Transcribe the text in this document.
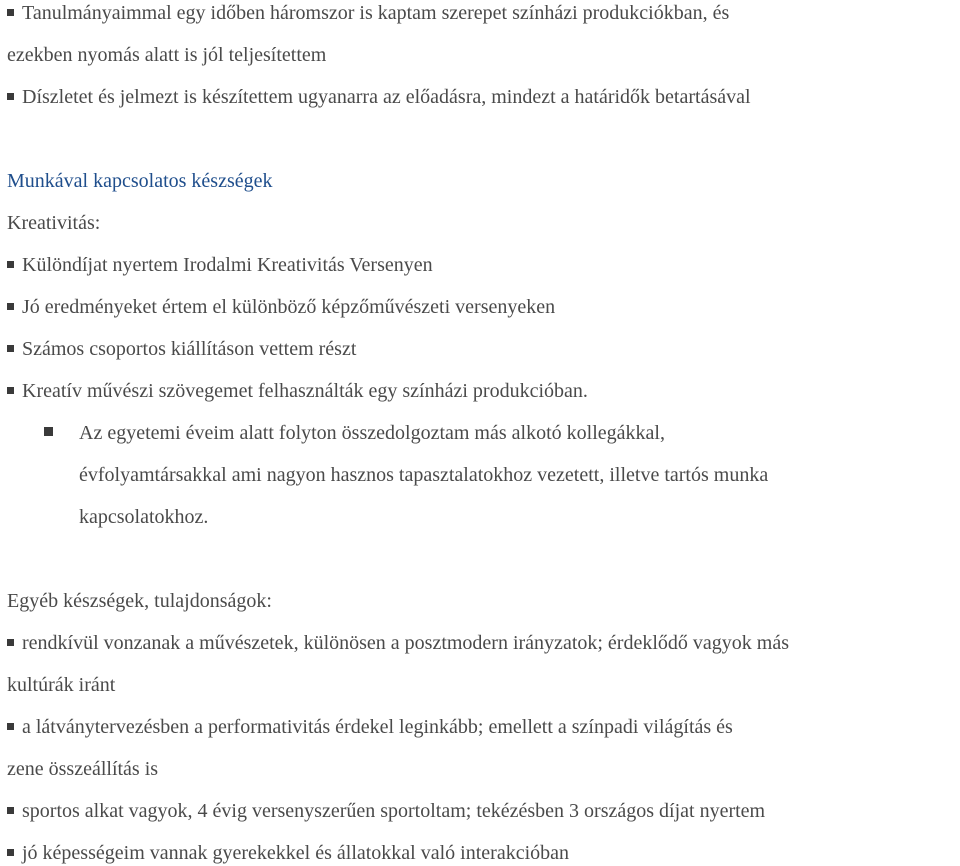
Tanulmányaimmal egy időben háromszor is kaptam szerepet színházi produkciókban, és
ezekben nyomás alatt is jól teljesítettem
Díszletet és jelmezt is készítettem ugyanarra az előadásra, mindezt a határidők betartásával
Munkával kapcsolatos készségek
Kreativitás:
Különdíjat nyertem Irodalmi Kreativitás Versenyen
Jó eredményeket értem el különböző képzőművészeti versenyeken
Számos csoportos kiállításon vettem részt
Kreatív művészi szövegemet felhasználták egy színházi produkcióban.
Az egyetemi éveim alatt folyton összedolgoztam más alkotó kollegákkal,
évfolyamtársakkal ami nagyon hasznos tapasztalatokhoz vezetett, illetve tartós munka
kapcsolatokhoz.
Egyéb készségek, tulajdonságok:
rendkívül vonzanak a művészetek, különösen a posztmodern irányzatok; érdeklődő vagyok más
kultúrák iránt
a látványtervezésben a performativitás érdekel leginkább; emellett a színpadi világítás és
zene összeállítás is
sportos alkat vagyok, 4 évig versenyszerűen sportoltam; tekézésben 3 országos díjat nyertem
jó képességeim vannak gyerekekkel és állatokkal való interakcióban
